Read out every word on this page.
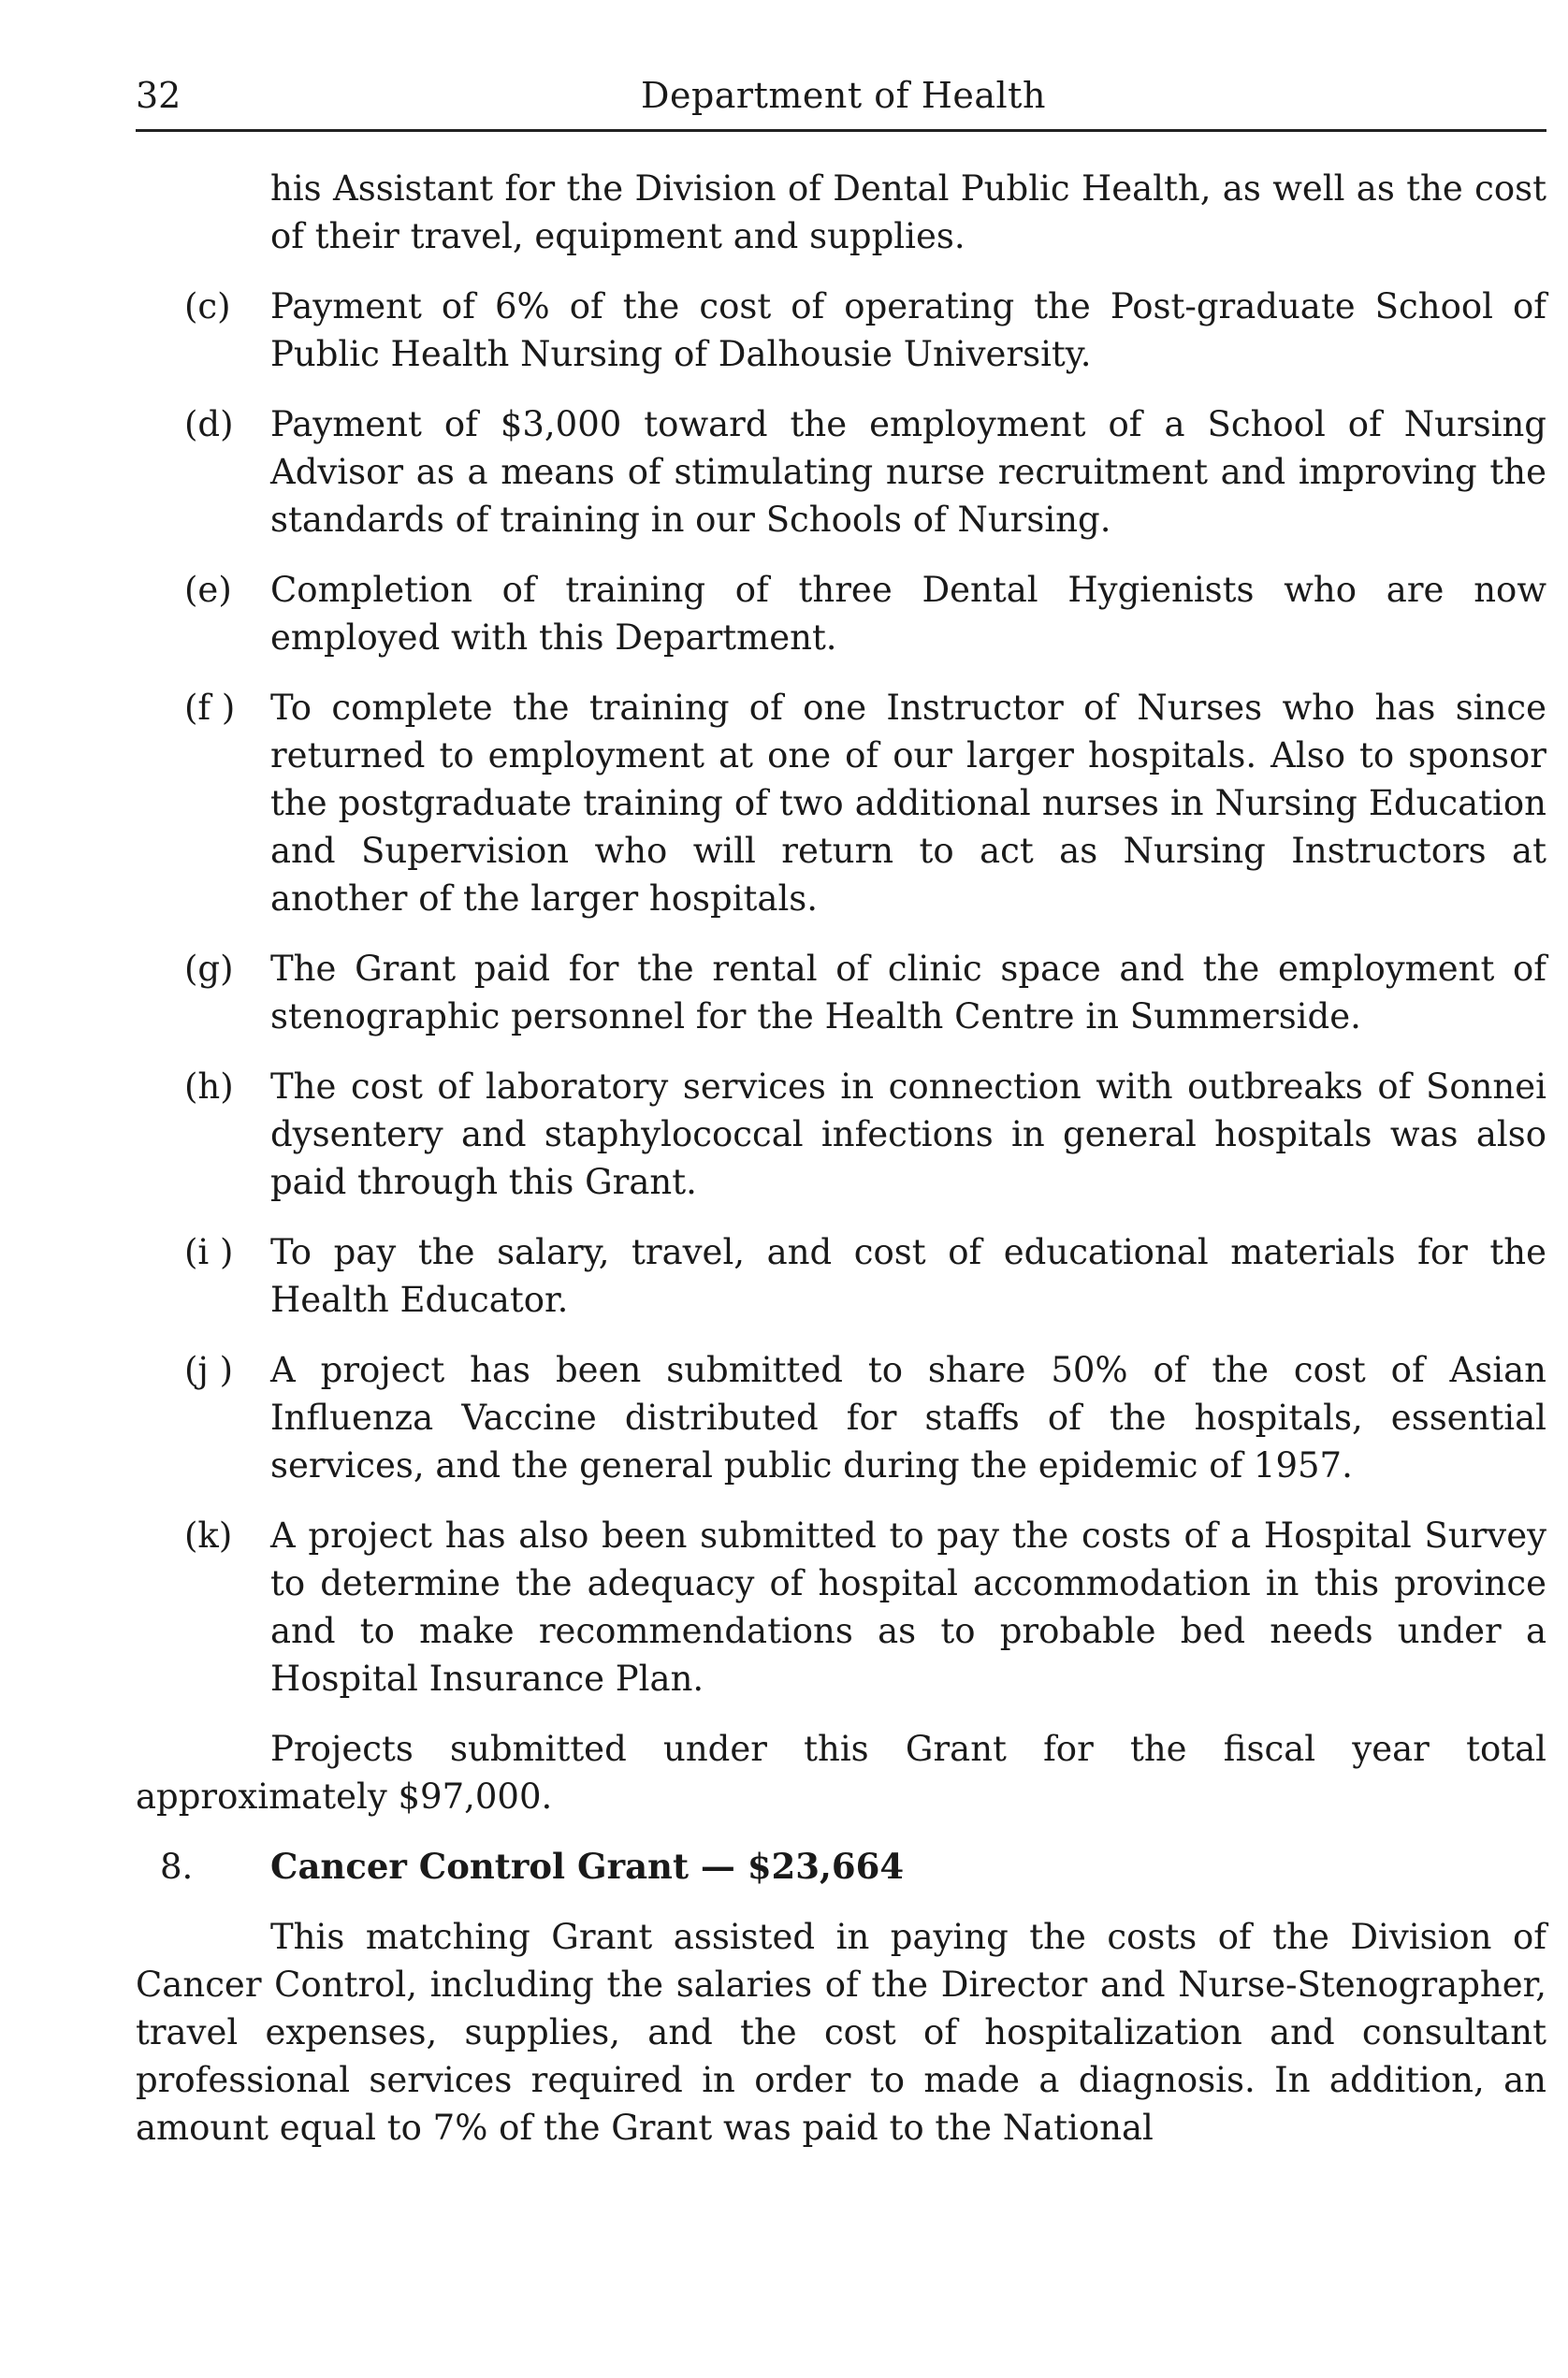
32	Department of Health
his Assistant for the Division of Dental Public Health, as well as the cost of their travel, equipment and supplies.
(c)	Payment of 6% of the cost of operating the Post-graduate School of Public Health Nursing of Dalhousie University.
(d)	Payment of $3,000 toward the employment of a School of Nursing Advisor as a means of stimulating nurse recruitment and improving the standards of training in our Schools of Nursing.
(e)	Completion of training of three Dental Hygienists who are now employed with this Department.
(f )	To complete the training of one Instructor of Nurses who has since returned to employment at one of our larger hospitals. Also to sponsor the postgraduate training of two additional nurses in Nursing Education and Supervision who will return to act as Nursing Instructors at another of the larger hospitals.
(g)	The Grant paid for the rental of clinic space and the employment of stenographic personnel for the Health Centre in Summerside.
(h)	The cost of laboratory services in connection with outbreaks of Sonnei dysentery and staphylococcal infections in general hospitals was also paid through this Grant.
(i )	To pay the salary, travel, and cost of educational materials for the Health Educator.
(j )	A project has been submitted to share 50% of the cost of Asian Influenza Vaccine distributed for staffs of the hospitals, essential services, and the general public during the epidemic of 1957.
(k)	A project has also been submitted to pay the costs of a Hospital Survey to determine the adequacy of hospital accommodation in this province and to make recommendations as to probable bed needs under a Hospital Insurance Plan.
Projects submitted under this Grant for the fiscal year total approximately $97,000.
8.	Cancer Control Grant — $23,664
This matching Grant assisted in paying the costs of the Division of Cancer Control, including the salaries of the Director and Nurse-Stenographer, travel expenses, supplies, and the cost of hospitalization and consultant professional services required in order to made a diagnosis. In addition, an amount equal to 7% of the Grant was paid to the National
